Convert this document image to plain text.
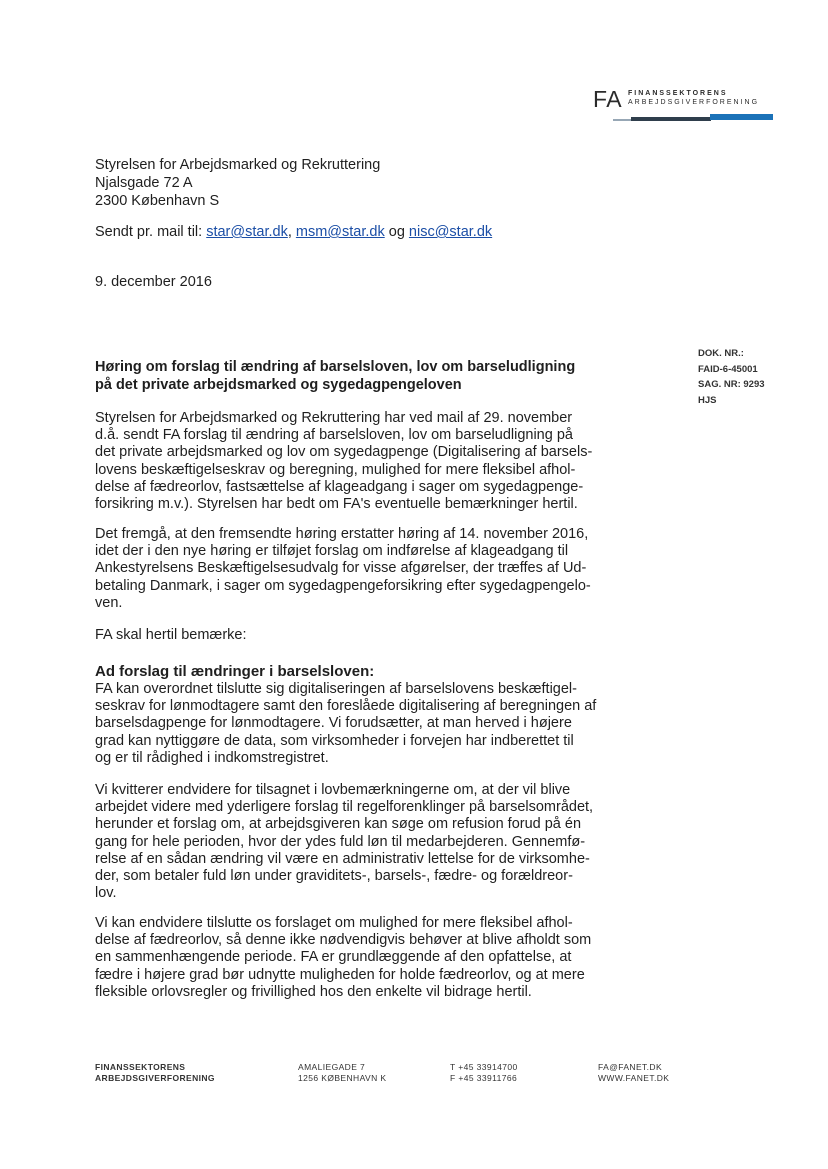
FA FINANSSEKTORENS
ARBEJDSGIVERFORENING
Styrelsen for Arbejdsmarked og Rekruttering
Njalsgade 72 A
2300 København S
Sendt pr. mail til: star@star.dk, msm@star.dk og nisc@star.dk
9. december 2016
DOK. NR.:
FAID-6-45001
SAG. NR: 9293
HJS
Høring om forslag til ændring af barselsloven, lov om barseludligning
på det private arbejdsmarked og sygedagpengeloven
Styrelsen for Arbejdsmarked og Rekruttering har ved mail af 29. november
d.å. sendt FA forslag til ændring af barselsloven, lov om barseludligning på
det private arbejdsmarked og lov om sygedagpenge (Digitalisering af barsels-
lovens beskæftigelseskrav og beregning, mulighed for mere fleksibel afhol-
delse af fædreorlov, fastsættelse af klageadgang i sager om sygedagpenge-
forsikring m.v.). Styrelsen har bedt om FA's eventuelle bemærkninger hertil.
Det fremgå, at den fremsendte høring erstatter høring af 14. november 2016,
idet der i den nye høring er tilføjet forslag om indførelse af klageadgang til
Ankestyrelsens Beskæftigelsesudvalg for visse afgørelser, der træffes af Ud-
betaling Danmark, i sager om sygedagpengeforsikring efter sygedagpengelo-
ven.
FA skal hertil bemærke:
Ad forslag til ændringer i barselsloven:
FA kan overordnet tilslutte sig digitaliseringen af barselslovens beskæftigel-
seskrav for lønmodtagere samt den foreslåede digitalisering af beregningen af
barselsdagpenge for lønmodtagere. Vi forudsætter, at man herved i højere
grad kan nyttiggøre de data, som virksomheder i forvejen har indberettet til
og er til rådighed i indkomstregistret.
Vi kvitterer endvidere for tilsagnet i lovbemærkningerne om, at der vil blive
arbejdet videre med yderligere forslag til regelforenklinger på barselsområdet,
herunder et forslag om, at arbejdsgiveren kan søge om refusion forud på én
gang for hele perioden, hvor der ydes fuld løn til medarbejderen. Gennemfø-
relse af en sådan ændring vil være en administrativ lettelse for de virksomhe-
der, som betaler fuld løn under graviditets-, barsels-, fædre- og forældreor-
lov.
Vi kan endvidere tilslutte os forslaget om mulighed for mere fleksibel afhol-
delse af fædreorlov, så denne ikke nødvendigvis behøver at blive afholdt som
en sammenhængende periode. FA er grundlæggende af den opfattelse, at
fædre i højere grad bør udnytte muligheden for holde fædreorlov, og at mere
fleksible orlovsregler og frivillighed hos den enkelte vil bidrage hertil.
FINANSSEKTORENS
ARBEJDSGIVERFORENING
AMALIEGADE 7
1256 KØBENHAVN K
T +45 33914700
F +45 33911766
FA@FANET.DK
WWW.FANET.DK
